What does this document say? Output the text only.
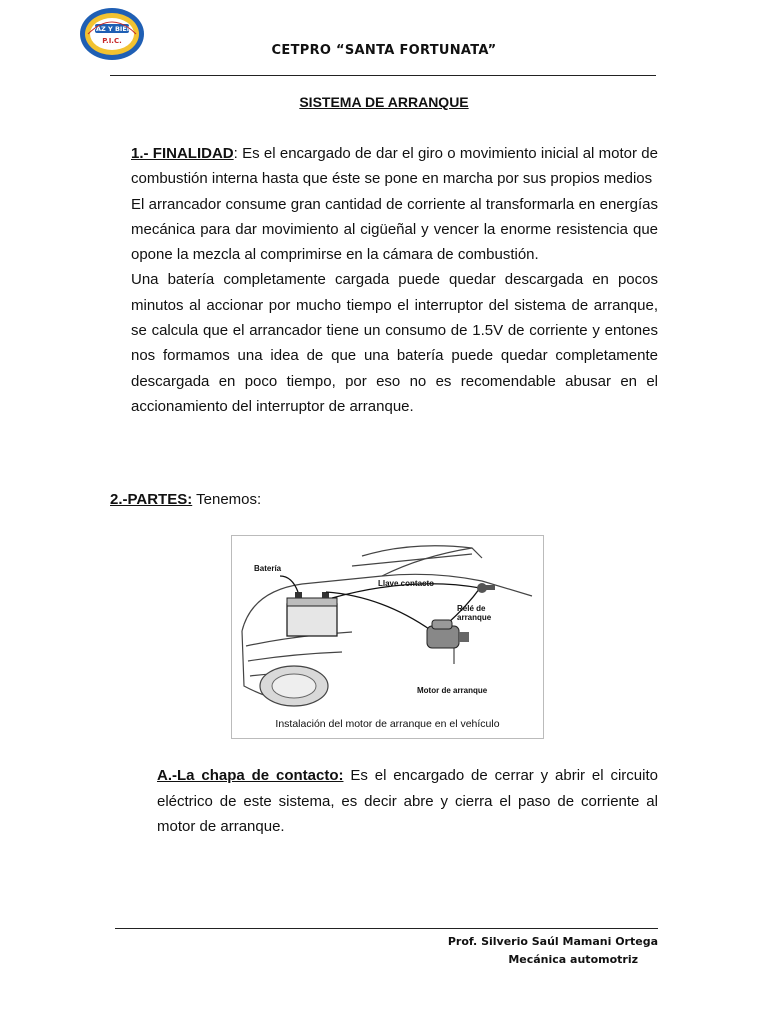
PAZ Y BIEN
P.I.C.
CETPRO “SANTA FORTUNATA”
SISTEMA DE ARRANQUE

1.- FINALIDAD: Es el encargado de dar el giro o movimiento inicial al motor de combustión interna hasta que éste se pone en marcha por sus propios medios

El arrancador consume gran cantidad de corriente al transformarla en energías mecánica para dar movimiento al cigüeñal y vencer la enorme resistencia que opone la mezcla al comprimirse en la cámara de combustión.

Una batería completamente cargada puede quedar descargada en pocos minutos al accionar por mucho tiempo el interruptor del sistema de arranque, se calcula que el arrancador tiene un consumo de 1.5V de corriente y entones nos formamos una idea de que una batería puede quedar completamente descargada en poco tiempo, por eso no es recomendable abusar en el accionamiento del interruptor de arranque.

2.-PARTES: Tenemos:
Batería
Llave contacto
Relé de
arranque
Motor de arranque
Instalación del motor de arranque en el vehículo

A.-La chapa de contacto: Es el encargado de cerrar y abrir el circuito eléctrico de este sistema, es decir abre y cierra el paso de corriente al motor de arranque.

Prof. Silverio Saúl Mamani Ortega
Mecánica automotriz
